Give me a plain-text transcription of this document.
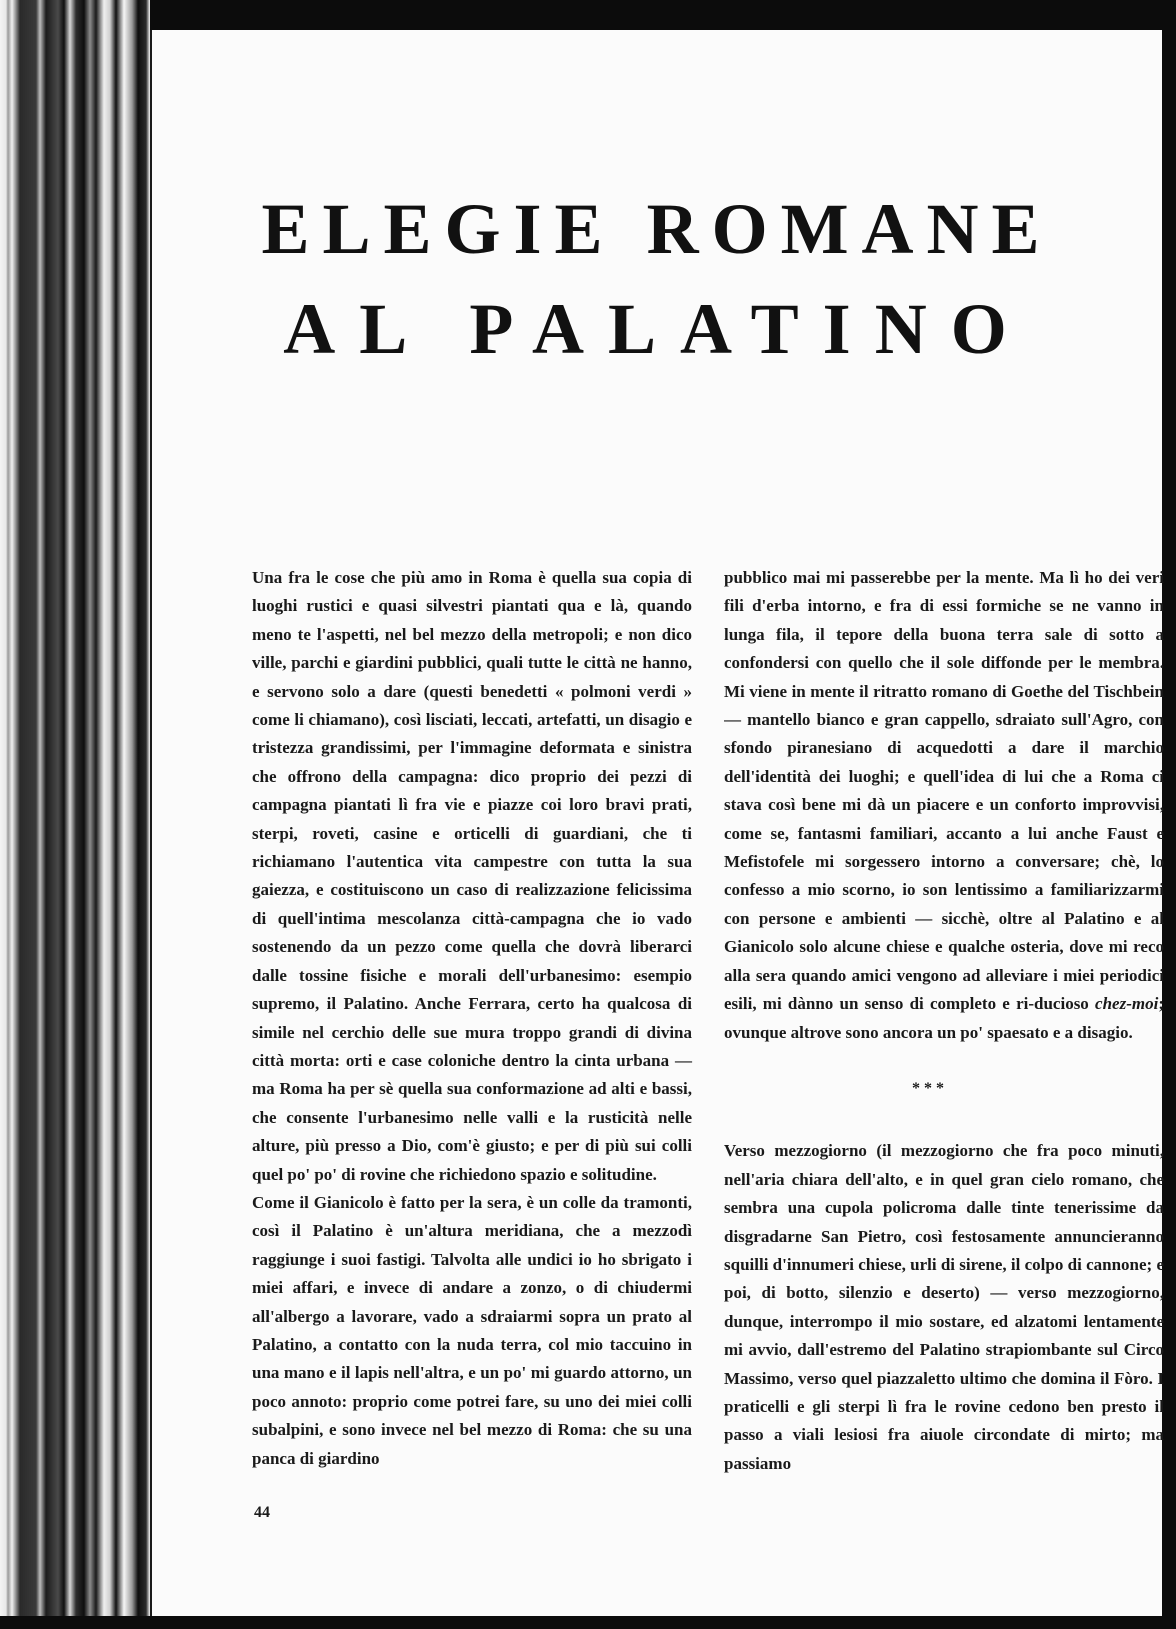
ELEGIE ROMANE
AL PALATINO

Una fra le cose che più amo in Roma è quella sua copia di luoghi rustici e quasi silvestri piantati qua e là, quando meno te l'aspetti, nel bel mezzo della metropoli; e non dico ville, parchi e giardini pubblici, quali tutte le città ne hanno, e servono solo a dare (questi benedetti « polmoni verdi » come li chiamano), così lisciati, leccati, artefatti, un disagio e tristezza grandissimi, per l'immagine deformata e sinistra che offrono della campagna: dico proprio dei pezzi di campagna piantati lì fra vie e piazze coi loro bravi prati, sterpi, roveti, casine e orticelli di guardiani, che ti richiamano l'autentica vita campestre con tutta la sua gaiezza, e costituiscono un caso di realizzazione felicissima di quell'intima mescolanza città-campagna che io vado sostenendo da un pezzo come quella che dovrà liberarci dalle tossine fisiche e morali dell'urbanesimo: esempio supremo, il Palatino. Anche Ferrara, certo ha qualcosa di simile nel cerchio delle sue mura troppo grandi di divina città morta: orti e case coloniche dentro la cinta urbana — ma Roma ha per sè quella sua conformazione ad alti e bassi, che consente l'urbanesimo nelle valli e la rusticità nelle alture, più presso a Dio, com'è giusto; e per di più sui colli quel po' po' di rovine che richiedono spazio e solitudine.

Come il Gianicolo è fatto per la sera, è un colle da tramonti, così il Palatino è un'altura meridiana, che a mezzodì raggiunge i suoi fastigi. Talvolta alle undici io ho sbrigato i miei affari, e invece di andare a zonzo, o di chiudermi all'albergo a lavorare, vado a sdraiarmi sopra un prato al Palatino, a contatto con la nuda terra, col mio taccuino in una mano e il lapis nell'altra, e un po' mi guardo attorno, un poco annoto: proprio come potrei fare, su uno dei miei colli subalpini, e sono invece nel bel mezzo di Roma: che su una panca di giardino

pubblico mai mi passerebbe per la mente. Ma lì ho dei veri fili d'erba intorno, e fra di essi formiche se ne vanno in lunga fila, il tepore della buona terra sale di sotto a confondersi con quello che il sole diffonde per le membra. Mi viene in mente il ritratto romano di Goethe del Tischbein — mantello bianco e gran cappello, sdraiato sull'Agro, con sfondo piranesiano di acquedotti a dare il marchio dell'identità dei luoghi; e quell'idea di lui che a Roma ci stava così bene mi dà un piacere e un conforto improvvisi, come se, fantasmi familiari, accanto a lui anche Faust e Mefistofele mi sorgessero intorno a conversare; chè, lo confesso a mio scorno, io son lentissimo a familiarizzarmi con persone e ambienti — sicchè, oltre al Palatino e al Gianicolo solo alcune chiese e qualche osteria, dove mi reco alla sera quando amici vengono ad alleviare i miei periodici esili, mi dànno un senso di completo e ri-ducioso chez-moi; ovunque altrove sono ancora un po' spaesato e a disagio.

***

Verso mezzogiorno (il mezzogiorno che fra poco minuti, nell'aria chiara dell'alto, e in quel gran cielo romano, che sembra una cupola policroma dalle tinte tenerissime da disgradarne San Pietro, così festosamente annuncieranno squilli d'innumeri chiese, urli di sirene, il colpo di cannone; e poi, di botto, silenzio e deserto) — verso mezzogiorno, dunque, interrompo il mio sostare, ed alzatomi lentamente mi avvio, dall'estremo del Palatino strapiombante sul Circo Massimo, verso quel piazzaletto ultimo che domina il Fòro. I praticelli e gli sterpi lì fra le rovine cedono ben presto il passo a viali lesiosi fra aiuole circondate di mirto; ma passiamo

44
